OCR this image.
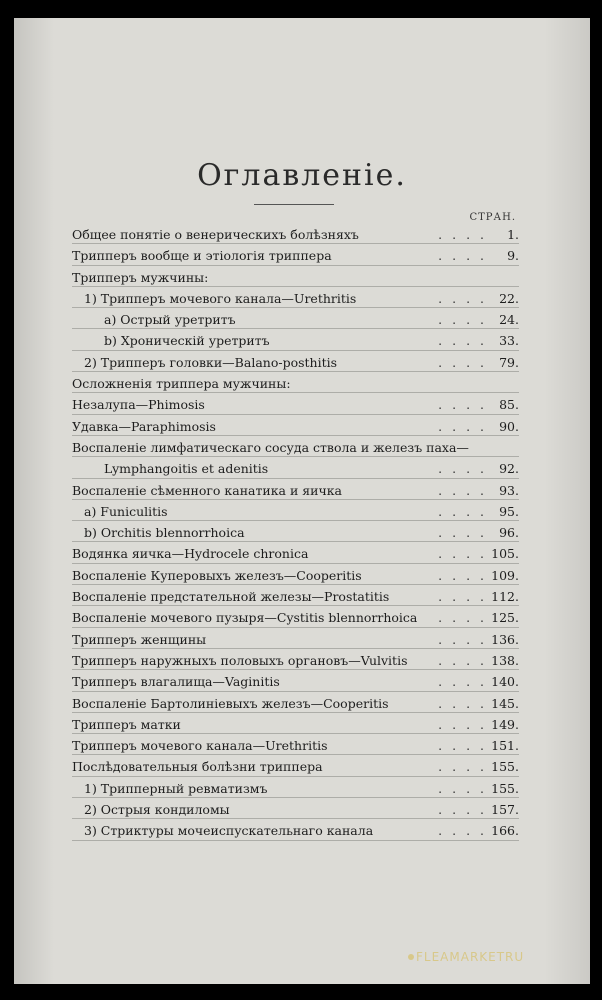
Оглавленіе.
СТРАН.
Общее понятіе о венерическихъ болѣзняхъ	. . . . 1.
Трипперъ вообще и этіологія триппера	. . . . 9.
Трипперъ мужчины:
1) Трипперъ мочевого канала—Urethritis	. . . . 22.
a) Острый уретритъ	. . . . 24.
b) Хроническій уретритъ	. . . . 33.
2) Трипперъ головки—Balano-posthitis	. . . . 79.
Осложненія триппера мужчины:
Незалупа—Phimosis	. . . . 85.
Удавка—Paraphimosis	. . . . 90.
Воспаленіе лимфатическаго сосуда ствола и железъ паха—
Lymphangoitis et adenitis	. . . . 92.
Воспаленіе сѣменного канатика и яичка	. . . . 93.
a) Funiculitis	. . . . 95.
b) Orchitis blennorrhoica	. . . . 96.
Водянка яичка—Hydrocele chronica	. . . . 105.
Воспаленіе Куперовыхъ железъ—Cooperitis	. . . . 109.
Воспаленіе предстательной железы—Prostatitis	. . . . 112.
Воспаленіе мочевого пузыря—Cystitis blennorrhoica . . . . 125.
Трипперъ женщины	. . . . 136.
Трипперъ наружныхъ половыхъ органовъ—Vulvitis . . . . 138.
Трипперъ влагалища—Vaginitis	. . . . 140.
Воспаленіе Бартолиніевыхъ железъ—Cooperitis	. . . . 145.
Трипперъ матки	. . . . 149.
Трипперъ мочевого канала—Urethritis	. . . . 151.
Послѣдовательныя болѣзни триппера	. . . . 155.
1) Трипперный ревматизмъ	. . . . 155.
2) Острыя кондиломы	. . . . 157.
3) Стриктуры мочеиспускательнаго канала	. . . . 166.
FLEAMARKETRU
